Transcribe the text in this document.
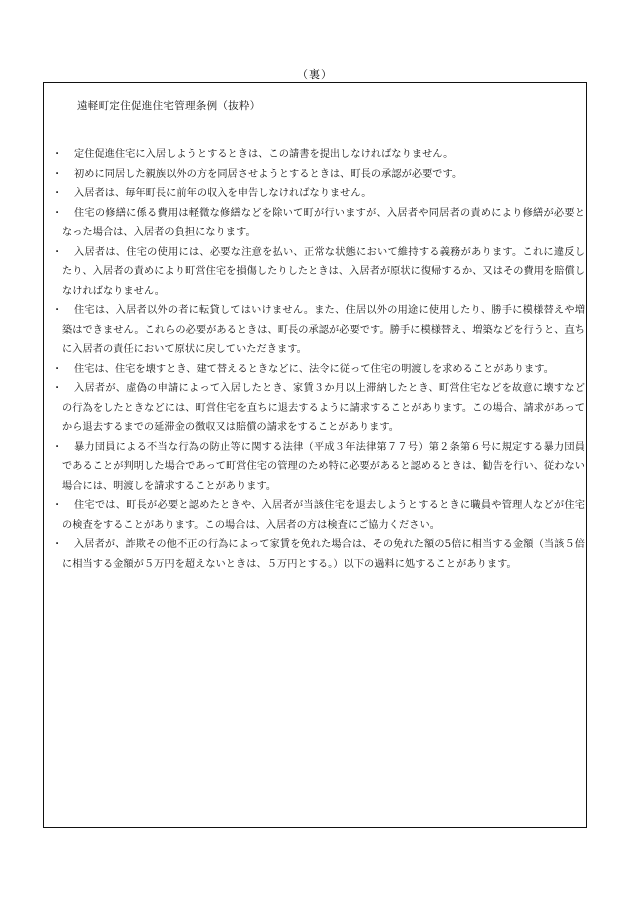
（裏）
遠軽町定住促進住宅管理条例（抜粋）
・	定住促進住宅に入居しようとするときは、この請書を提出しなければなりません。
・	初めに同居した親族以外の方を同居させようとするときは、町長の承認が必要です。
・	入居者は、毎年町長に前年の収入を申告しなければなりません。
・	住宅の修繕に係る費用は軽微な修繕などを除いて町が行いますが、入居者や同居者の責めにより修繕が必要となった場合は、入居者の負担になります。
・	入居者は、住宅の使用には、必要な注意を払い、正常な状態において維持する義務があります。これに違反したり、入居者の責めにより町営住宅を損傷したりしたときは、入居者が原状に復帰するか、又はその費用を賠償しなければなりません。
・	住宅は、入居者以外の者に転貸してはいけません。また、住居以外の用途に使用したり、勝手に模様替えや増築はできません。これらの必要があるときは、町長の承認が必要です。勝手に模様替え、増築などを行うと、直ちに入居者の責任において原状に戻していただきます。
・	住宅は、住宅を壊すとき、建て替えるときなどに、法令に従って住宅の明渡しを求めることがあります。
・	入居者が、虚偽の申請によって入居したとき、家賃３か月以上滞納したとき、町営住宅などを故意に壊すなどの行為をしたときなどには、町営住宅を直ちに退去するように請求することがあります。この場合、請求があってから退去するまでの延滞金の徴収又は賠償の請求をすることがあります。
・	暴力団員による不当な行為の防止等に関する法律（平成３年法律第７７号）第２条第６号に規定する暴力団員であることが判明した場合であって町営住宅の管理のため特に必要があると認めるときは、勧告を行い、従わない場合には、明渡しを請求することがあります。
・	住宅では、町長が必要と認めたときや、入居者が当該住宅を退去しようとするときに職員や管理人などが住宅の検査をすることがあります。この場合は、入居者の方は検査にご協力ください。
・	入居者が、詐欺その他不正の行為によって家賃を免れた場合は、その免れた額の5倍に相当する金額（当該５倍に相当する金額が５万円を超えないときは、５万円とする。）以下の過料に処することがあります。
